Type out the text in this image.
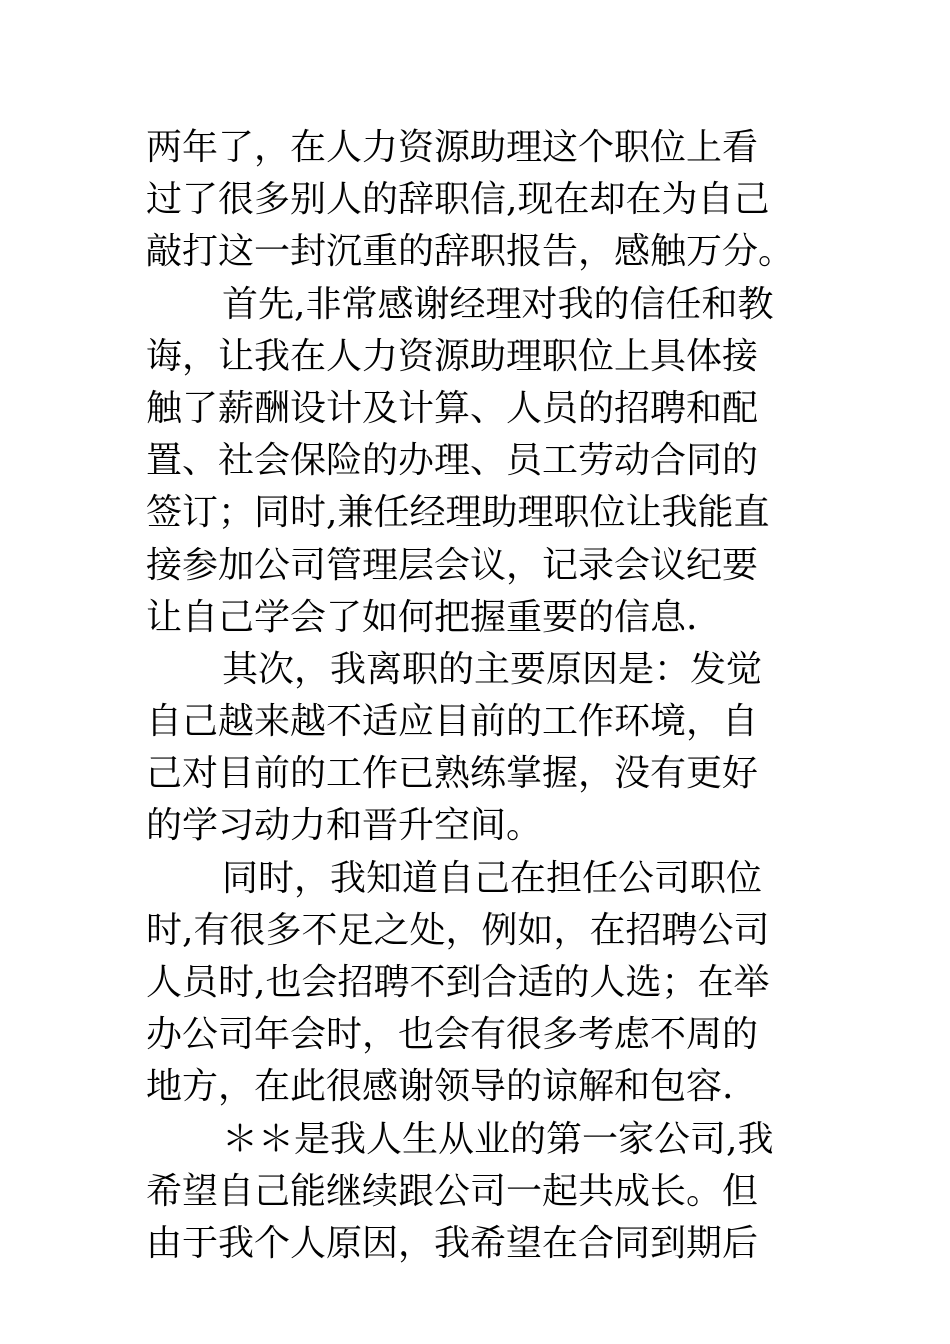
两年了，在人力资源助理这个职位上看
过了很多别人的辞职信,现在却在为自己
敲打这一封沉重的辞职报告，感触万分。
首先,非常感谢经理对我的信任和教
诲，让我在人力资源助理职位上具体接
触了薪酬设计及计算、人员的招聘和配
置、社会保险的办理、员工劳动合同的
签订；同时,兼任经理助理职位让我能直
接参加公司管理层会议，记录会议纪要
让自己学会了如何把握重要的信息.
其次，我离职的主要原因是：发觉
自己越来越不适应目前的工作环境，自
己对目前的工作已熟练掌握，没有更好
的学习动力和晋升空间。
同时，我知道自己在担任公司职位
时,有很多不足之处，例如，在招聘公司
人员时,也会招聘不到合适的人选；在举
办公司年会时，也会有很多考虑不周的
地方，在此很感谢领导的谅解和包容.
＊＊是我人生从业的第一家公司,我
希望自己能继续跟公司一起共成长。但
由于我个人原因，我希望在合同到期后
